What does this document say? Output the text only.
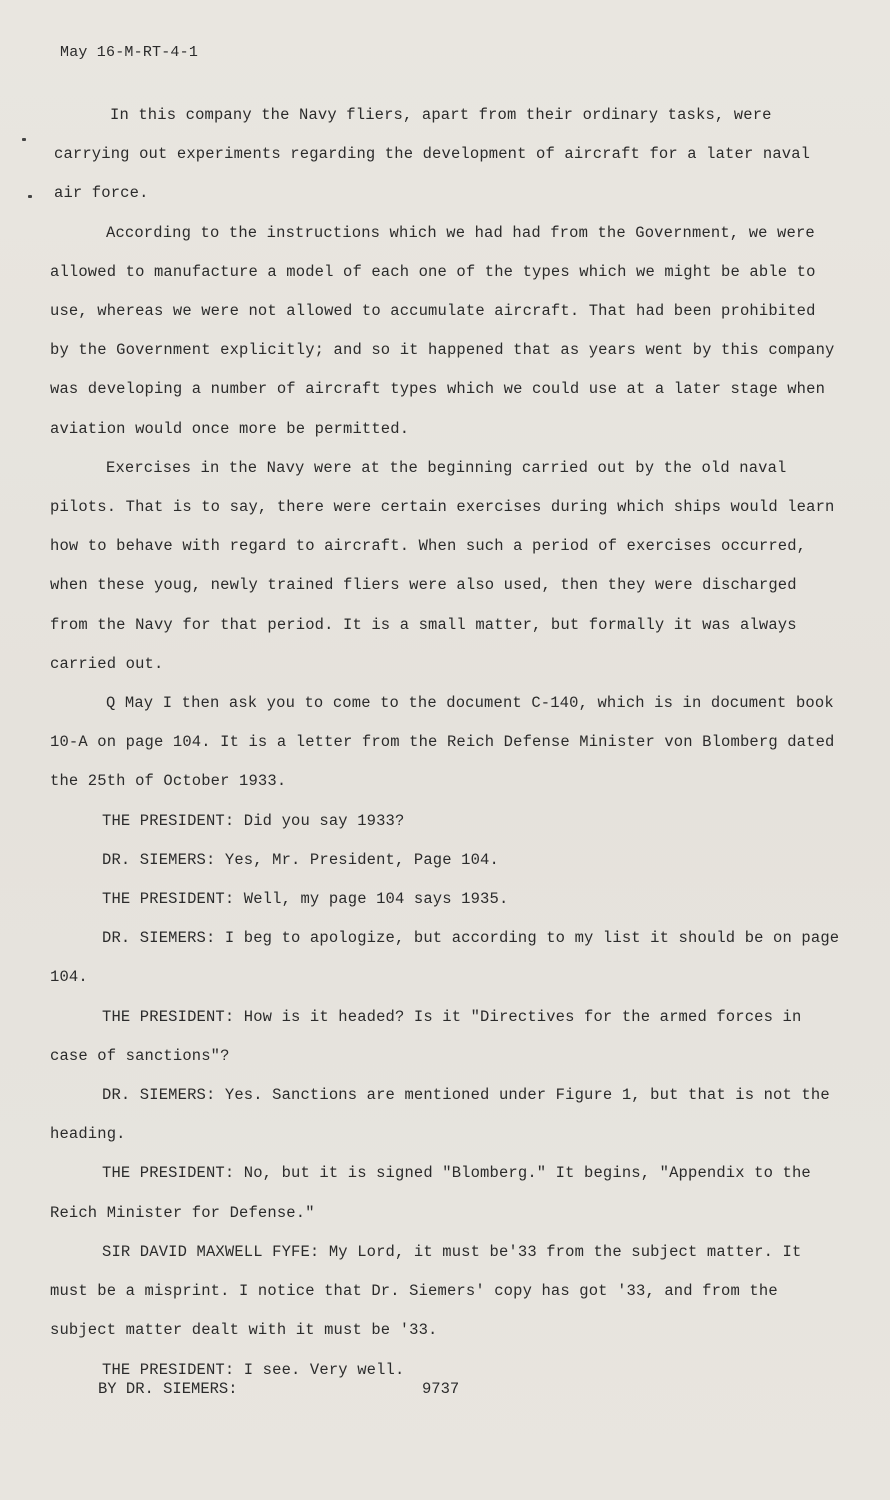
May 16-M-RT-4-1

In this company the Navy fliers, apart from their ordinary tasks, were carrying out experiments regarding the development of aircraft for a later naval air force.

According to the instructions which we had had from the Government, we were allowed to manufacture a model of each one of the types which we might be able to use, whereas we were not allowed to accumulate aircraft. That had been prohibited by the Government explicitly; and so it happened that as years went by this company was developing a number of aircraft types which we could use at a later stage when aviation would once more be permitted.

Exercises in the Navy were at the beginning carried out by the old naval pilots. That is to say, there were certain exercises during which ships would learn how to behave with regard to aircraft. When such a period of exercises occurred, when these youg, newly trained fliers were also used, then they were discharged from the Navy for that period. It is a small matter, but formally it was always carried out.

Q May I then ask you to come to the document C-140, which is in document book 10-A on page 104. It is a letter from the Reich Defense Minister von Blomberg dated the 25th of October 1933.

THE PRESIDENT: Did you say 1933?

DR. SIEMERS: Yes, Mr. President, Page 104.

THE PRESIDENT: Well, my page 104 says 1935.

DR. SIEMERS: I beg to apologize, but according to my list it should be on page 104.

THE PRESIDENT: How is it headed? Is it "Directives for the armed forces in case of sanctions"?

DR. SIEMERS: Yes. Sanctions are mentioned under Figure 1, but that is not the heading.

THE PRESIDENT: No, but it is signed "Blomberg." It begins, "Appendix to the Reich Minister for Defense."

SIR DAVID MAXWELL FYFE: My Lord, it must be'33 from the subject matter. It must be a misprint. I notice that Dr. Siemers' copy has got '33, and from the subject matter dealt with it must be '33.

THE PRESIDENT: I see. Very well.

BY DR. SIEMERS:	9737
